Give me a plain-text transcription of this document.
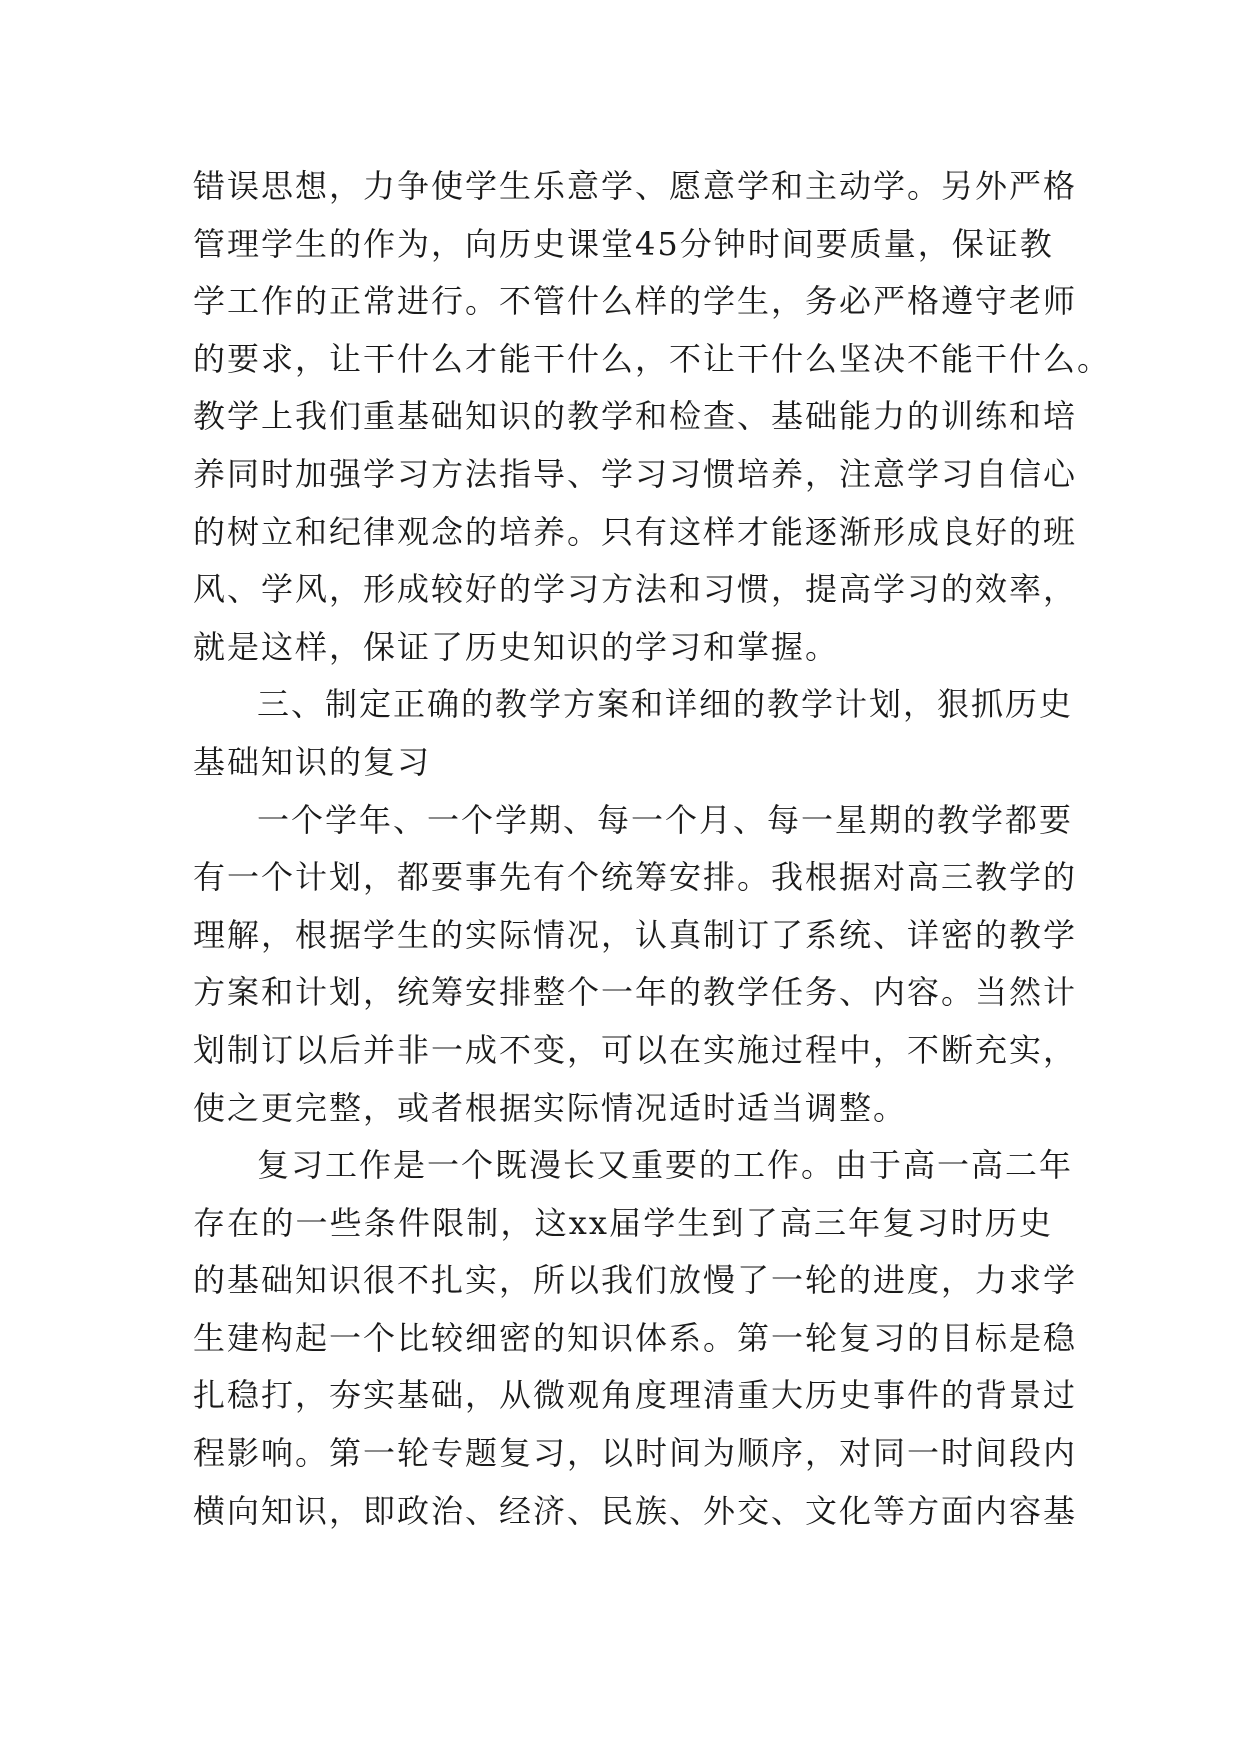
错误思想，力争使学生乐意学、愿意学和主动学。另外严格
管理学生的作为，向历史课堂45分钟时间要质量，保证教
学工作的正常进行。不管什么样的学生，务必严格遵守老师
的要求，让干什么才能干什么，不让干什么坚决不能干什么。
教学上我们重基础知识的教学和检查、基础能力的训练和培
养同时加强学习方法指导、学习习惯培养，注意学习自信心
的树立和纪律观念的培养。只有这样才能逐渐形成良好的班
风、学风，形成较好的学习方法和习惯，提高学习的效率，
就是这样，保证了历史知识的学习和掌握。
三、制定正确的教学方案和详细的教学计划，狠抓历史
基础知识的复习
一个学年、一个学期、每一个月、每一星期的教学都要
有一个计划，都要事先有个统筹安排。我根据对高三教学的
理解，根据学生的实际情况，认真制订了系统、详密的教学
方案和计划，统筹安排整个一年的教学任务、内容。当然计
划制订以后并非一成不变，可以在实施过程中，不断充实，
使之更完整，或者根据实际情况适时适当调整。
复习工作是一个既漫长又重要的工作。由于高一高二年
存在的一些条件限制，这xx届学生到了高三年复习时历史
的基础知识很不扎实，所以我们放慢了一轮的进度，力求学
生建构起一个比较细密的知识体系。第一轮复习的目标是稳
扎稳打，夯实基础，从微观角度理清重大历史事件的背景过
程影响。第一轮专题复习，以时间为顺序，对同一时间段内
横向知识，即政治、经济、民族、外交、文化等方面内容基
